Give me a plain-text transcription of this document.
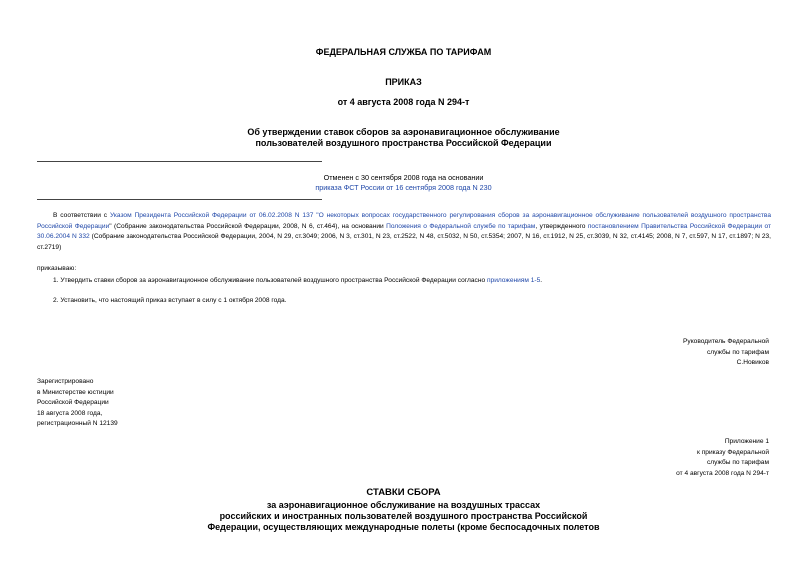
ФЕДЕРАЛЬНАЯ СЛУЖБА ПО ТАРИФАМ
ПРИКАЗ
от 4 августа 2008 года N 294-т
Об утверждении ставок сборов за аэронавигационное обслуживание
пользователей воздушного пространства Российской Федерации
Отменен с 30 сентября 2008 года на основании
приказа ФСТ России от 16 сентября 2008 года N 230
В соответствии с Указом Президента Российской Федерации от 06.02.2008 N 137 "О некоторых вопросах государственного регулирования сборов за аэронавигационное обслуживание пользователей воздушного пространства Российской Федерации" (Собрание законодательства Российской Федерации, 2008, N 6, ст.464), на основании Положения о Федеральной службе по тарифам, утвержденного постановлением Правительства Российской Федерации от 30.06.2004 N 332 (Собрание законодательства Российской Федерации, 2004, N 29, ст.3049; 2006, N 3, ст.301, N 23, ст.2522, N 48, ст.5032, N 50, ст.5354; 2007, N 16, ст.1912, N 25, ст.3039, N 32, ст.4145; 2008, N 7, ст.597, N 17, ст.1897; N 23, ст.2719)
приказываю:
1. Утвердить ставки сборов за аэронавигационное обслуживание пользователей воздушного пространства Российской Федерации согласно приложениям 1-5.
2. Установить, что настоящий приказ вступает в силу с 1 октября 2008 года.
Руководитель Федеральной
службы по тарифам
С.Новиков
Зарегистрировано
в Министерстве юстиции
Российской Федерации
18 августа 2008 года,
регистрационный N 12139
Приложение 1
к приказу Федеральной
службы по тарифам
от 4 августа 2008 года N 294-т
СТАВКИ СБОРА
за аэронавигационное обслуживание на воздушных трассах
российских и иностранных пользователей воздушного пространства Российской
Федерации, осуществляющих международные полеты (кроме беспосадочных полетов
